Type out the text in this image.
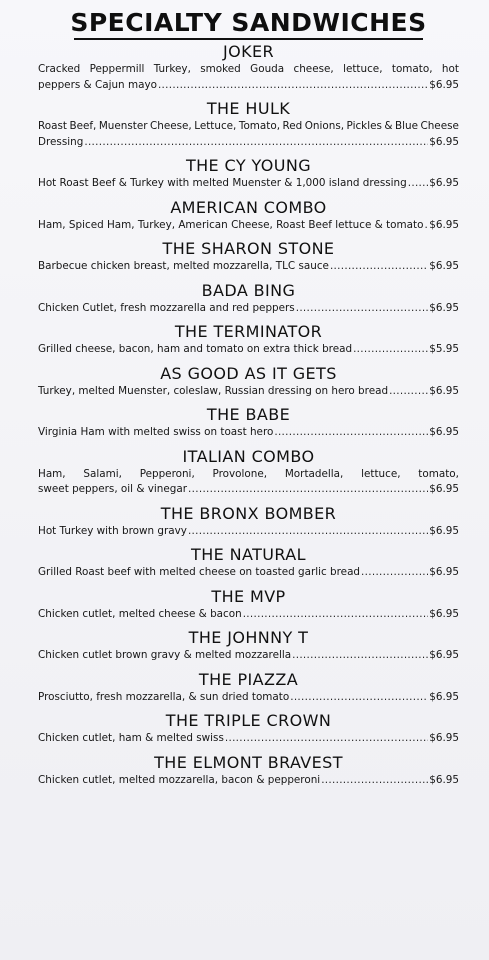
SPECIALTY SANDWICHES
JOKER
Cracked Peppermill Turkey, smoked Gouda cheese, lettuce, tomato, hot
peppers & Cajun mayo .....	$6.95
THE HULK
Roast Beef, Muenster Cheese, Lettuce, Tomato, Red Onions, Pickles & Blue Cheese
Dressing .....	$6.95
THE CY YOUNG
Hot Roast Beef & Turkey with melted Muenster & 1,000 island dressing ..... $6.95
AMERICAN COMBO
Ham, Spiced Ham, Turkey, American Cheese, Roast Beef lettuce & tomato ..... $6.95
THE SHARON STONE
Barbecue chicken breast, melted mozzarella, TLC sauce .....	$6.95
BADA BING
Chicken Cutlet, fresh mozzarella and red peppers .....	$6.95
THE TERMINATOR
Grilled cheese, bacon, ham and tomato on extra thick bread .....	$5.95
AS GOOD AS IT GETS
Turkey, melted Muenster, coleslaw, Russian dressing on hero bread .....	$6.95
THE BABE
Virginia Ham with melted swiss on toast hero .....	$6.95
ITALIAN COMBO
Ham, Salami, Pepperoni, Provolone, Mortadella, lettuce, tomato,
sweet peppers, oil & vinegar .....	$6.95
THE BRONX BOMBER
Hot Turkey with brown gravy .....	$6.95
THE NATURAL
Grilled Roast beef with melted cheese on toasted garlic bread .....	$6.95
THE MVP
Chicken cutlet, melted cheese & bacon .....	$6.95
THE JOHNNY T
Chicken cutlet brown gravy & melted mozzarella .....	$6.95
THE PIAZZA
Prosciutto, fresh mozzarella, & sun dried tomato .....	$6.95
THE TRIPLE CROWN
Chicken cutlet, ham & melted swiss .....	$6.95
THE ELMONT BRAVEST
Chicken cutlet, melted mozzarella, bacon & pepperoni .....	$6.95
